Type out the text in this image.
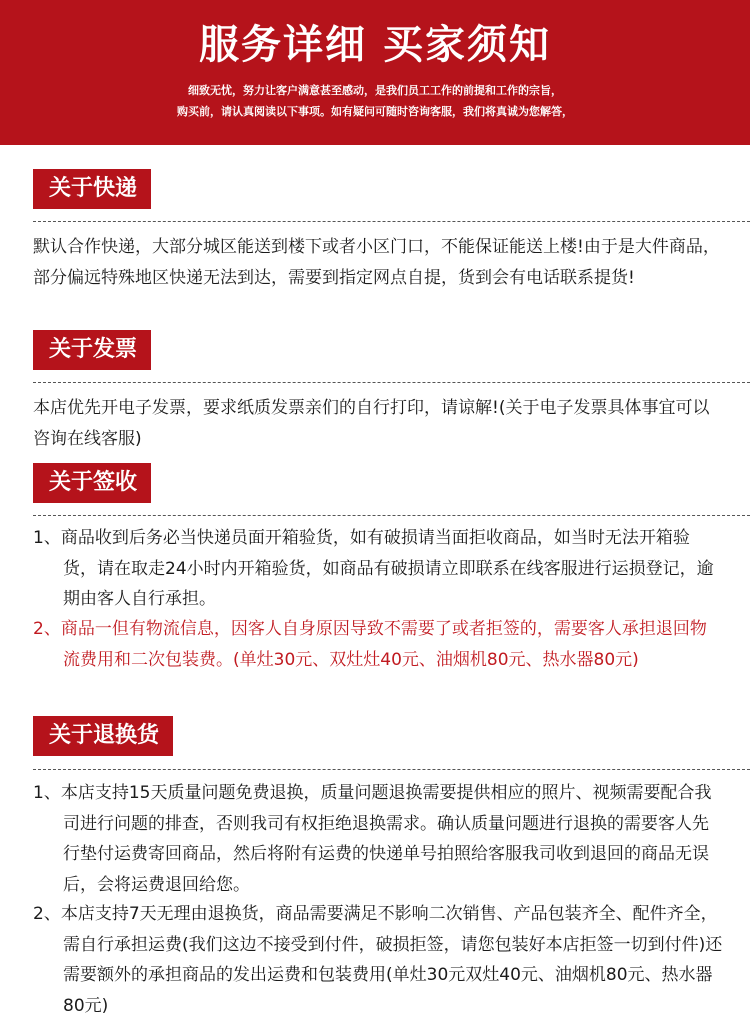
服务详细 买家须知
细致无忧，努力让客户满意甚至感动，是我们员工工作的前提和工作的宗旨，
购买前，请认真阅读以下事项。如有疑问可随时咨询客服，我们将真诚为您解答，
关于快递
默认合作快递，大部分城区能送到楼下或者小区门口，不能保证能送上楼!由于是大件商品，部分偏远特殊地区快递无法到达，需要到指定网点自提，货到会有电话联系提货!
关于发票
本店优先开电子发票，要求纸质发票亲们的自行打印，请谅解!(关于电子发票具体事宜可以咨询在线客服)
关于签收
1、商品收到后务必当快递员面开箱验货，如有破损请当面拒收商品，如当时无法开箱验货，请在取走24小时内开箱验货，如商品有破损请立即联系在线客服进行运损登记，逾期由客人自行承担。
2、商品一但有物流信息，因客人自身原因导致不需要了或者拒签的，需要客人承担退回物流费用和二次包装费。(单灶30元、双灶灶40元、油烟机80元、热水器80元)
关于退换货
1、本店支持15天质量问题免费退换，质量问题退换需要提供相应的照片、视频需要配合我司进行问题的排查，否则我司有权拒绝退换需求。确认质量问题进行退换的需要客人先行垫付运费寄回商品，然后将附有运费的快递单号拍照给客服我司收到退回的商品无误后，会将运费退回给您。
2、本店支持7天无理由退换货，商品需要满足不影响二次销售、产品包装齐全、配件齐全，需自行承担运费(我们这边不接受到付件，破损拒签，请您包装好本店拒签一切到付件)还需要额外的承担商品的发出运费和包装费用(单灶30元双灶40元、油烟机80元、热水器80元)
